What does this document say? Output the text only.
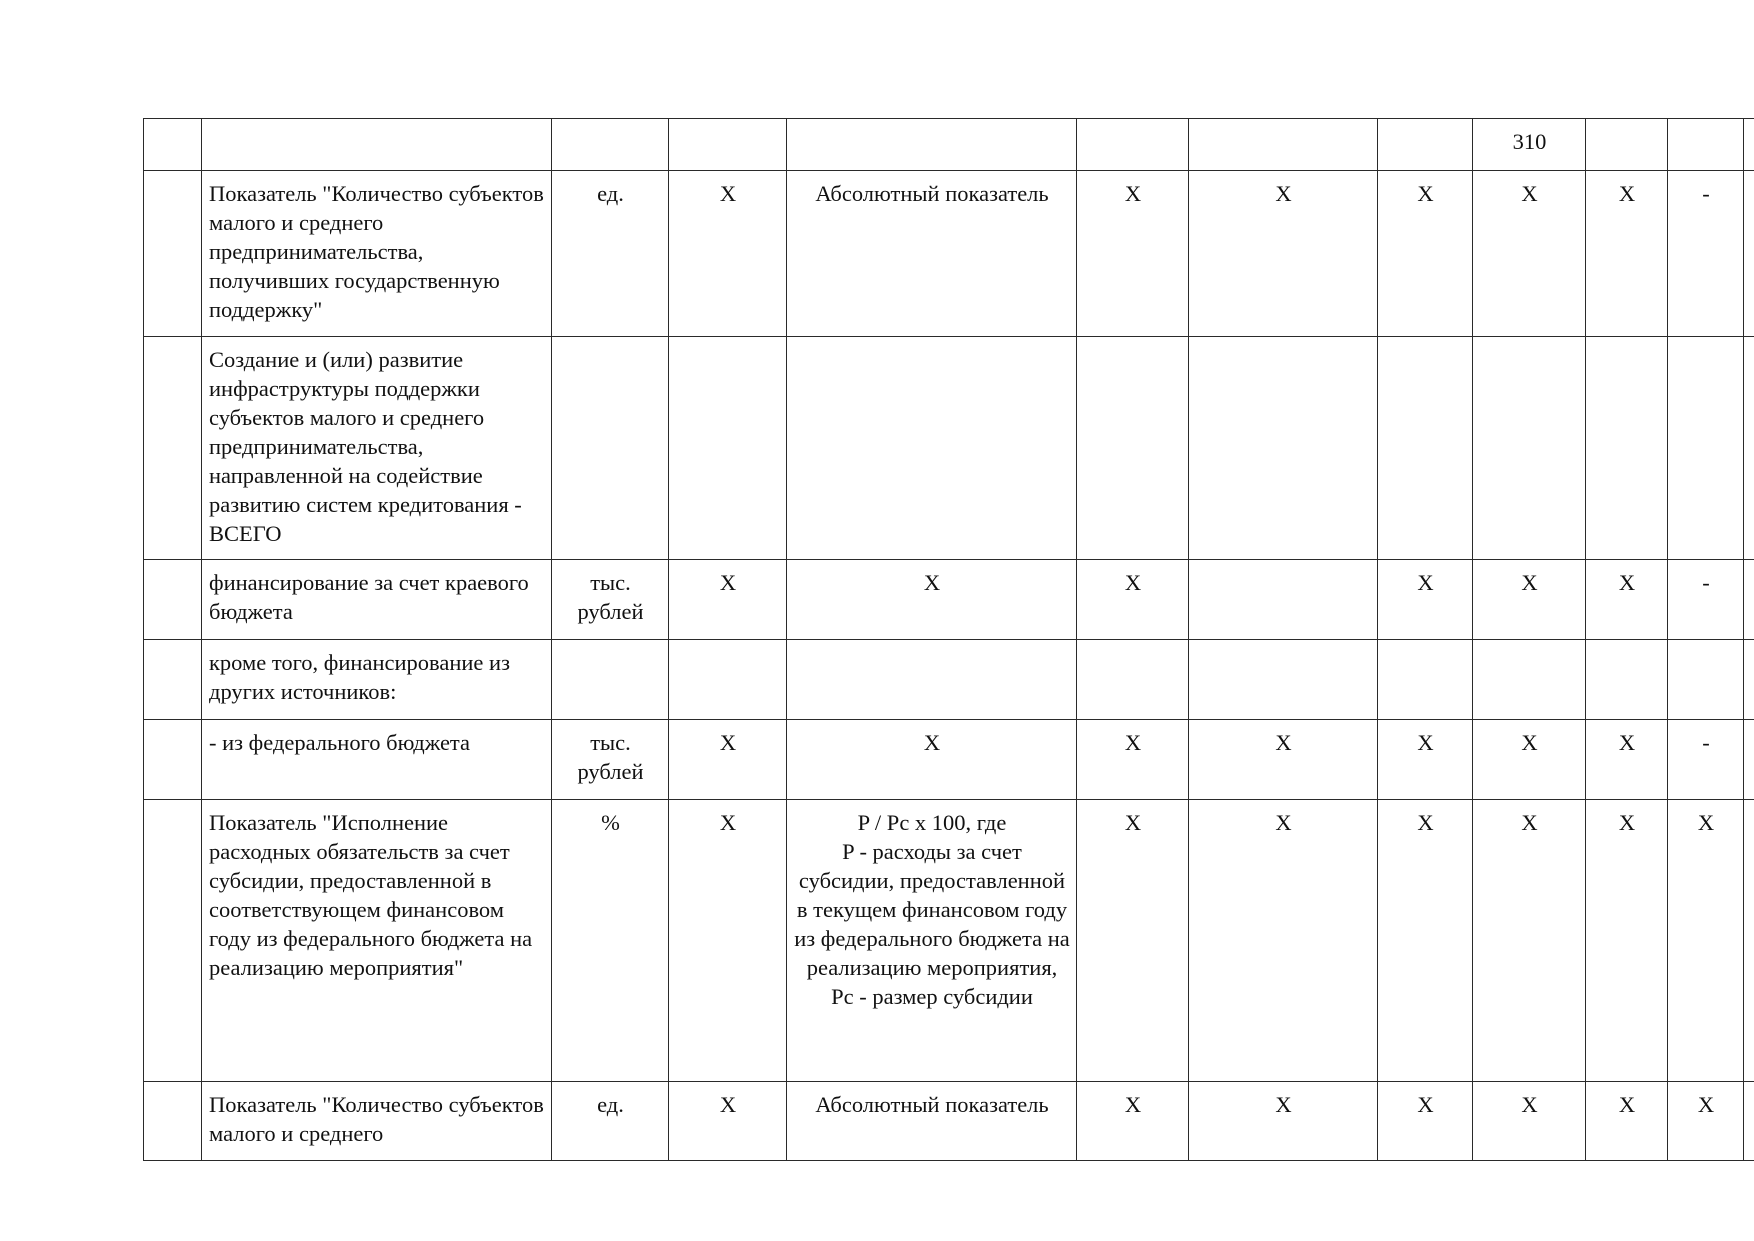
								310			
	Показатель "Количество субъектов малого и среднего предпринимательства, получивших государственную поддержку"	ед.	X	Абсолютный показатель	X	X	X	X	X	-	
	Создание и (или) развитие инфраструктуры поддержки субъектов малого и среднего предпринимательства, направленной на содействие развитию систем кредитования - ВСЕГО										
	финансирование за счет краевого бюджета	тыс.
рублей	X	X	X		X	X	X	-	
	кроме того, финансирование из других источников:										
	- из федерального бюджета	тыс.
рублей	X	X	X	X	X	X	X	-	
	Показатель "Исполнение расходных обязательств за счет субсидии, предоставленной в соответствующем финансовом году из федерального бюджета на реализацию мероприятия"	%	X	P / Pc x 100, где
P - расходы за счет субсидии, предоставленной в текущем финансовом году из федерального бюджета на реализацию мероприятия,
Pc - размер субсидии	X	X	X	X	X	X	
	Показатель "Количество субъектов малого и среднего	ед.	X	Абсолютный показатель	X	X	X	X	X	X	
